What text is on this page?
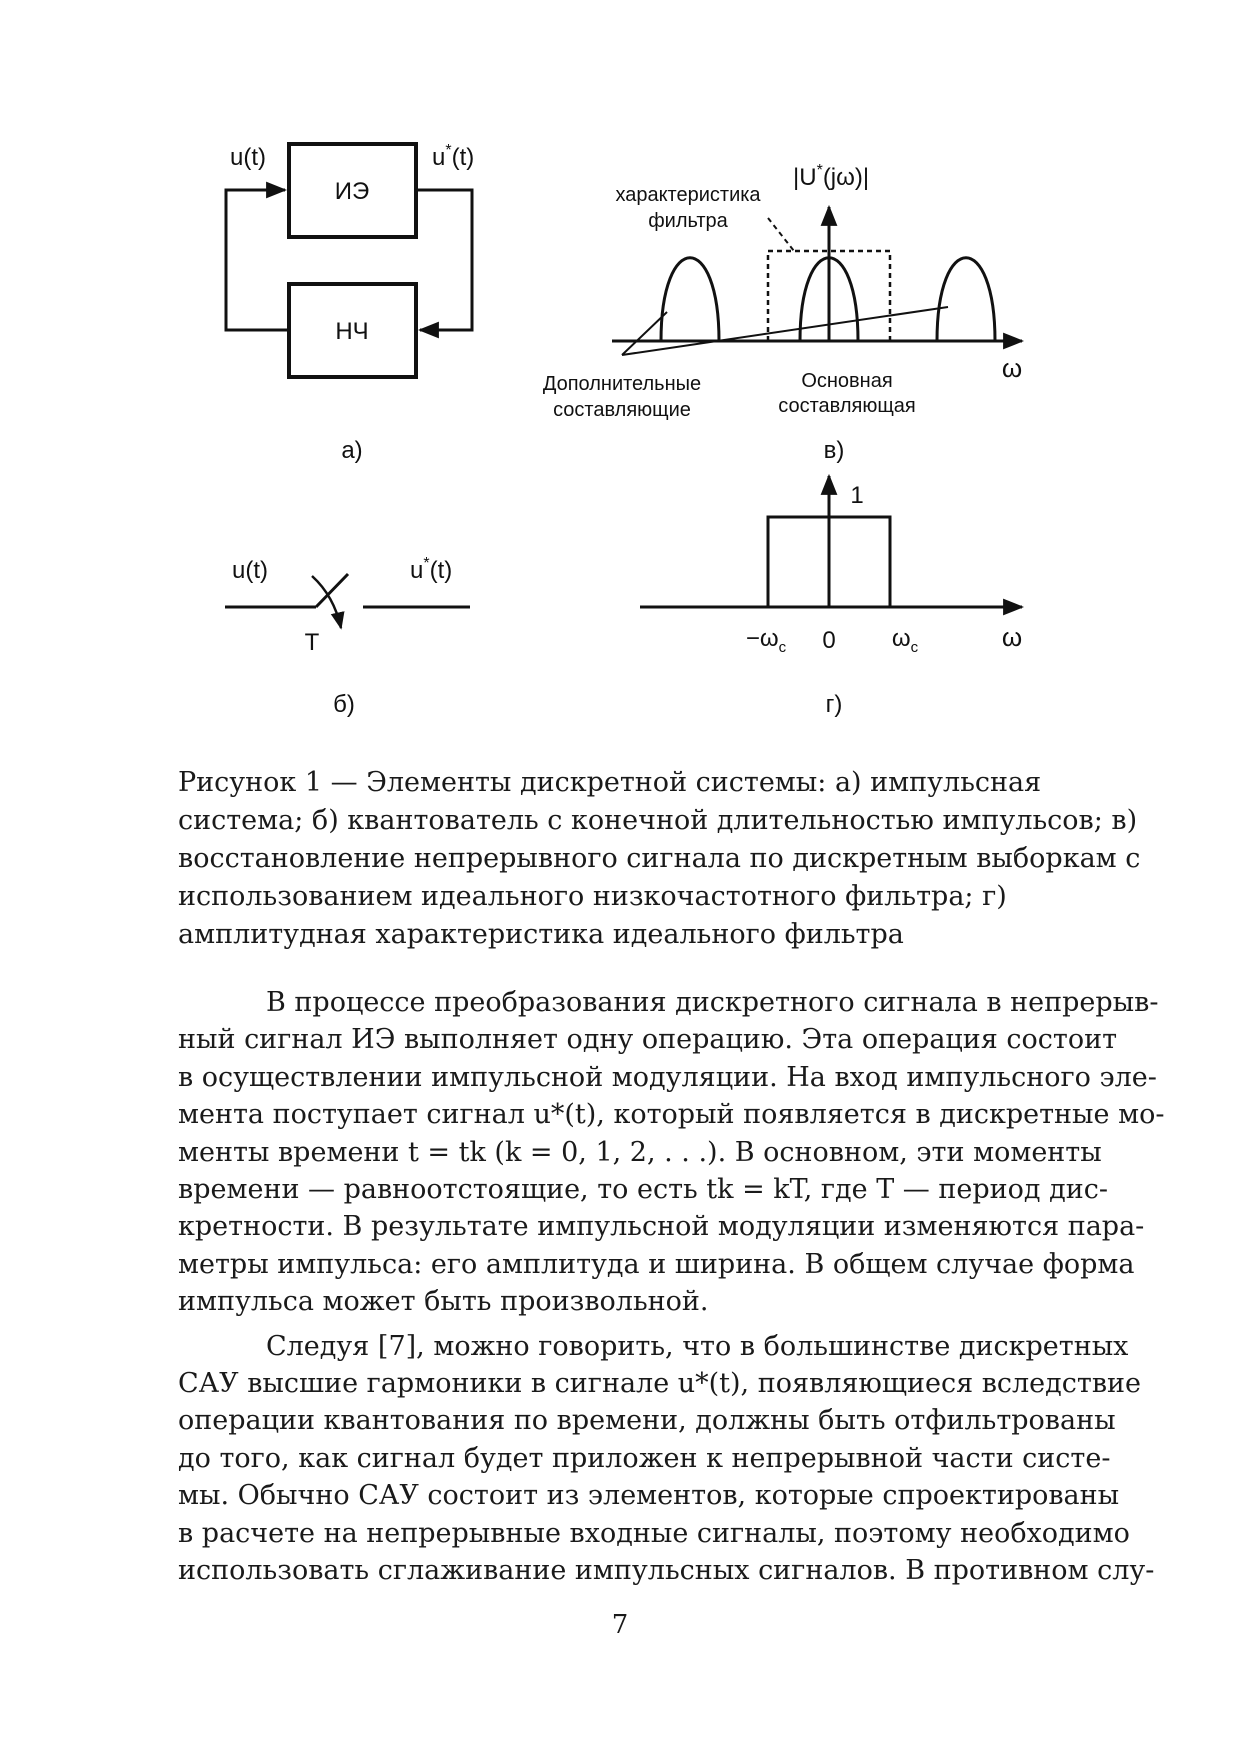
ИЭ
НЧ
u(t)	u*(t)
а)
u(t)	u*(t)
T
б)
|U*(jω)|
характеристика
фильтра
Дополнительные
составляющие
Основная
составляющая
ω
в)
1
$-\omega_c$ 0 $\omega_c$	ω
г)
Рисунок 1 — Элементы дискретной системы: а) импульсная
система; б) квантователь с конечной длительностью импульсов; в)
восстановление непрерывного сигнала по дискретным выборкам с
использованием идеального низкочастотного фильтра; г)
амплитудная характеристика идеального фильтра
В процессе преобразования дискретного сигнала в непрерыв-
ный сигнал ИЭ выполняет одну операцию. Эта операция состоит
в осуществлении импульсной модуляции. На вход импульсного эле-
мента поступает сигнал u*(t), который появляется в дискретные мо-
менты времени t = tk (k = 0, 1, 2, . . .). В основном, эти моменты
времени — равноотстоящие, то есть tk = kT, где T — период дис-
кретности. В результате импульсной модуляции изменяются пара-
метры импульса: его амплитуда и ширина. В общем случае форма
импульса может быть произвольной.
Следуя [7], можно говорить, что в большинстве дискретных
САУ высшие гармоники в сигнале u*(t), появляющиеся вследствие
операции квантования по времени, должны быть отфильтрованы
до того, как сигнал будет приложен к непрерывной части систе-
мы. Обычно САУ состоит из элементов, которые спроектированы
в расчете на непрерывные входные сигналы, поэтому необходимо
использовать сглаживание импульсных сигналов. В противном слу-
7
